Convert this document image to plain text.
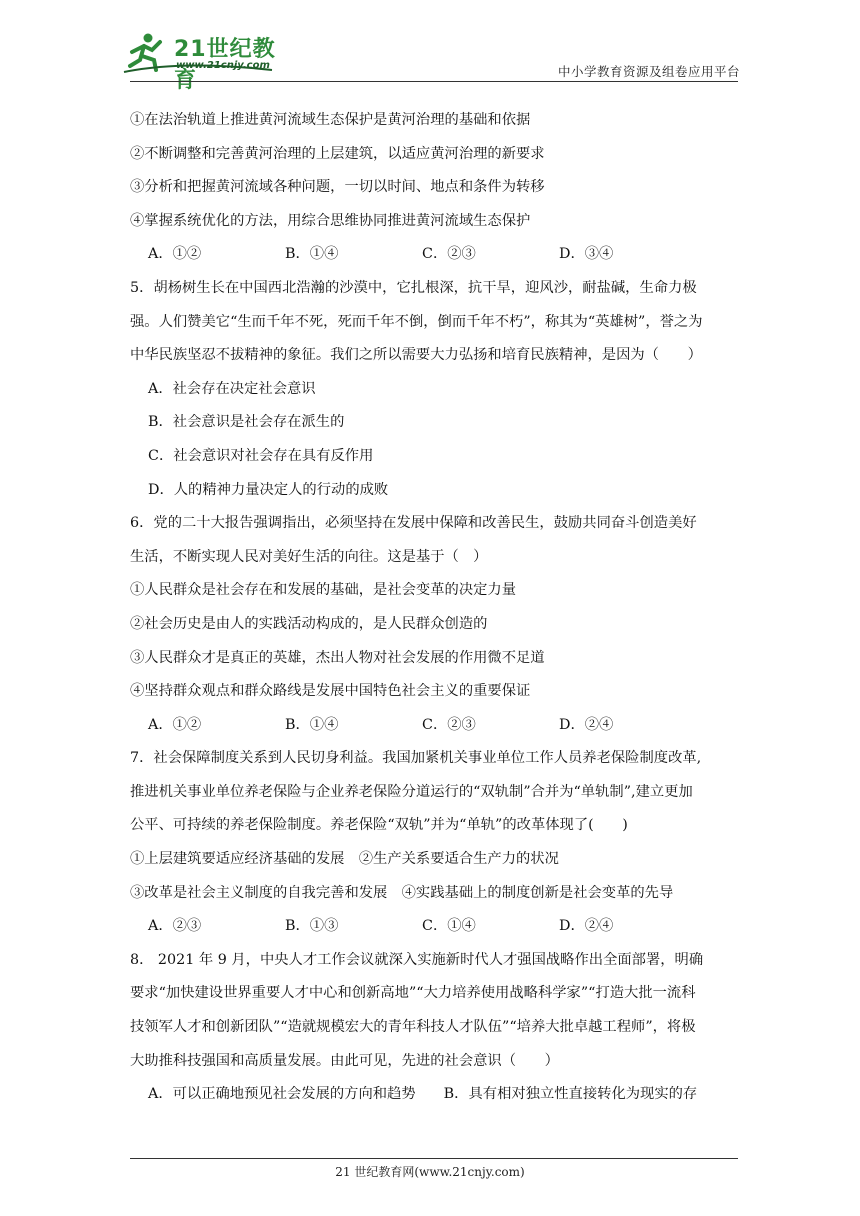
21世纪教育
www.21cnjy.com	中小学教育资源及组卷应用平台
①在法治轨道上推进黄河流域生态保护是黄河治理的基础和依据
②不断调整和完善黄河治理的上层建筑，以适应黄河治理的新要求
③分析和把握黄河流域各种问题，一切以时间、地点和条件为转移
④掌握系统优化的方法，用综合思维协同推进黄河流域生态保护
A．①②	B．①④	C．②③	D．③④
5．胡杨树生长在中国西北浩瀚的沙漠中，它扎根深，抗干旱，迎风沙，耐盐碱，生命力极
强。人们赞美它“生而千年不死，死而千年不倒，倒而千年不朽”，称其为“英雄树”，誉之为
中华民族坚忍不拔精神的象征。我们之所以需要大力弘扬和培育民族精神，是因为（　　）
A．社会存在决定社会意识
B．社会意识是社会存在派生的
C．社会意识对社会存在具有反作用
D．人的精神力量决定人的行动的成败
6．党的二十大报告强调指出，必须坚持在发展中保障和改善民生，鼓励共同奋斗创造美好
生活，不断实现人民对美好生活的向往。这是基于（　）
①人民群众是社会存在和发展的基础，是社会变革的决定力量
②社会历史是由人的实践活动构成的，是人民群众创造的
③人民群众才是真正的英雄，杰出人物对社会发展的作用微不足道
④坚持群众观点和群众路线是发展中国特色社会主义的重要保证
A．①②	B．①④	C．②③	D．②④
7．社会保障制度关系到人民切身利益。我国加紧机关事业单位工作人员养老保险制度改革,
推进机关事业单位养老保险与企业养老保险分道运行的“双轨制”合并为“单轨制”,建立更加
公平、可持续的养老保险制度。养老保险“双轨”并为“单轨”的改革体现了(　　)
①上层建筑要适应经济基础的发展　②生产关系要适合生产力的状况
③改革是社会主义制度的自我完善和发展　④实践基础上的制度创新是社会变革的先导
A．②③	B．①③	C．①④	D．②④
8． 2021 年 9 月，中央人才工作会议就深入实施新时代人才强国战略作出全面部署，明确
要求“加快建设世界重要人才中心和创新高地”“大力培养使用战略科学家”“打造大批一流科
技领军人才和创新团队”“造就规模宏大的青年科技人才队伍”“培养大批卓越工程师”，将极
大助推科技强国和高质量发展。由此可见，先进的社会意识（　　）
A．可以正确地预见社会发展的方向和趋势 B．具有相对独立性直接转化为现实的存
21 世纪教育网(www.21cnjy.com)
